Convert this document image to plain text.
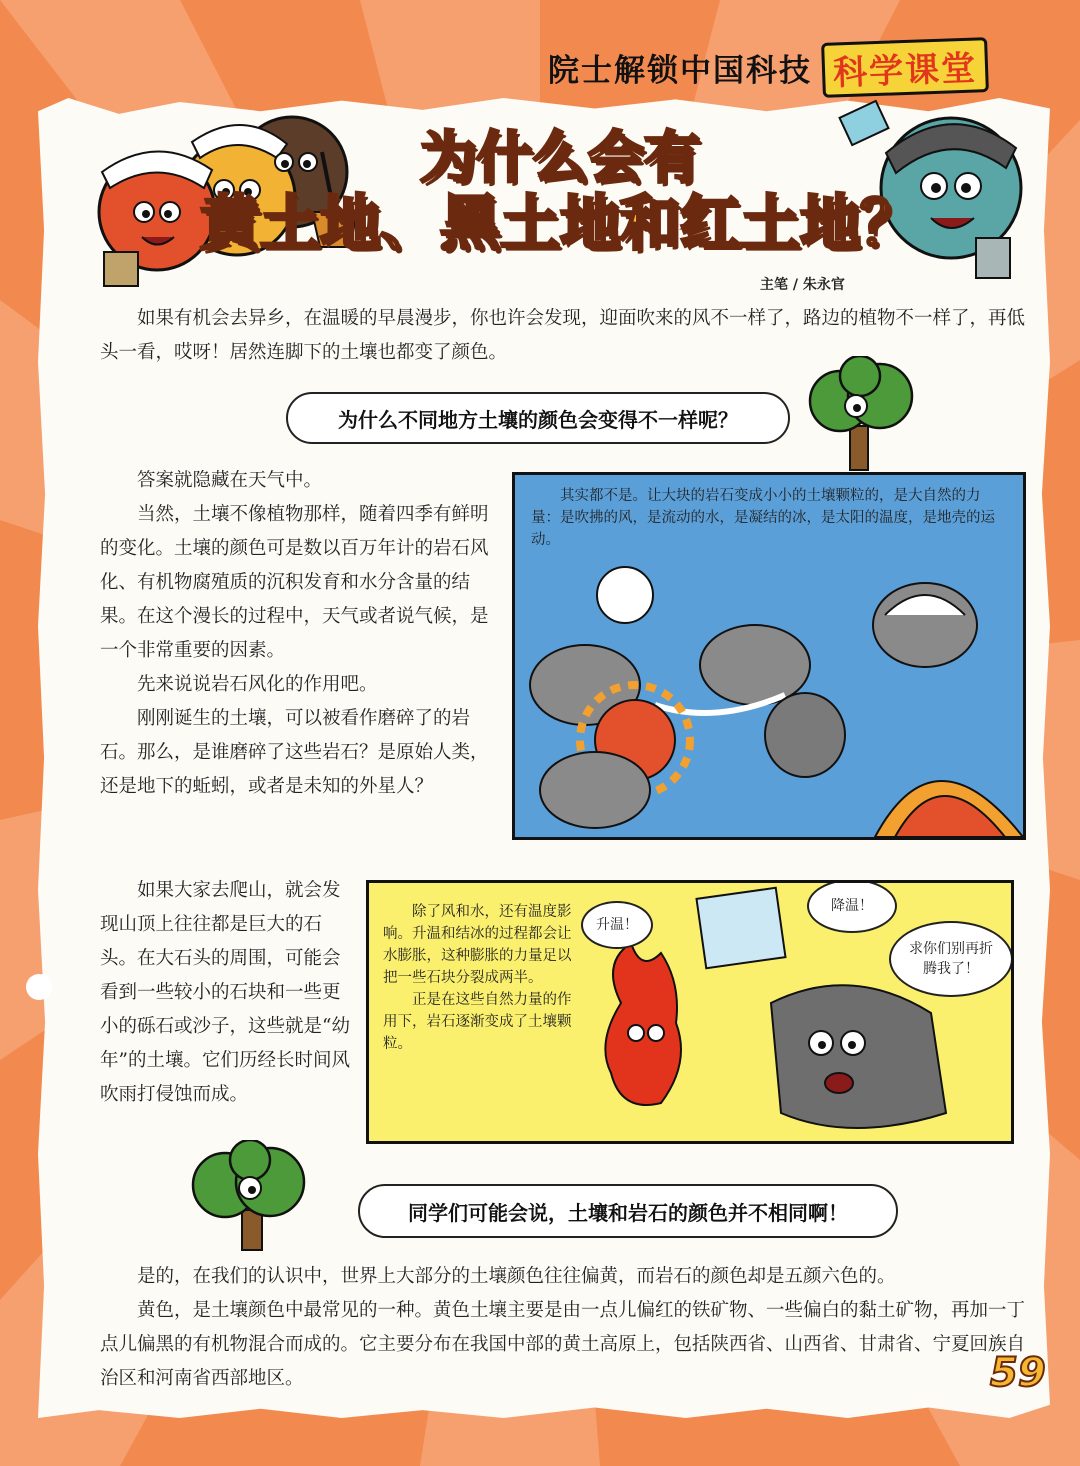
院士解锁中国科技 科学课堂
为什么会有
黄土地、黑土地和红土地？
主笔 / 朱永官

如果有机会去异乡，在温暖的早晨漫步，你也许会发现，迎面吹来的风不一样了，路边的植物不一样了，再低头一看，哎呀！居然连脚下的土壤也都变了颜色。

为什么不同地方土壤的颜色会变得不一样呢？

答案就隐藏在天气中。

当然，土壤不像植物那样，随着四季有鲜明的变化。土壤的颜色可是数以百万年计的岩石风化、有机物腐殖质的沉积发育和水分含量的结果。在这个漫长的过程中，天气或者说气候，是一个非常重要的因素。

先来说说岩石风化的作用吧。

刚刚诞生的土壤，可以被看作磨碎了的岩石。那么，是谁磨碎了这些岩石？是原始人类，还是地下的蚯蚓，或者是未知的外星人？

其实都不是。让大块的岩石变成小小的土壤颗粒的，是大自然的力量：是吹拂的风，是流动的水，是凝结的冰，是太阳的温度，是地壳的运动。

如果大家去爬山，就会发现山顶上往往都是巨大的石头。在大石头的周围，可能会看到一些较小的石块和一些更小的砾石或沙子，这些就是“幼年”的土壤。它们历经长时间风吹雨打侵蚀而成。

除了风和水，还有温度影响。升温和结冰的过程都会让水膨胀，这种膨胀的力量足以把一些石块分裂成两半。

正是在这些自然力量的作用下，岩石逐渐变成了土壤颗粒。

升温！
降温！
求你们别再折腾我了！
同学们可能会说，土壤和岩石的颜色并不相同啊！

是的，在我们的认识中，世界上大部分的土壤颜色往往偏黄，而岩石的颜色却是五颜六色的。

黄色，是土壤颜色中最常见的一种。黄色土壤主要是由一点儿偏红的铁矿物、一些偏白的黏土矿物，再加一丁点儿偏黑的有机物混合而成的。它主要分布在我国中部的黄土高原上，包括陕西省、山西省、甘肃省、宁夏回族自治区和河南省西部地区。	59
